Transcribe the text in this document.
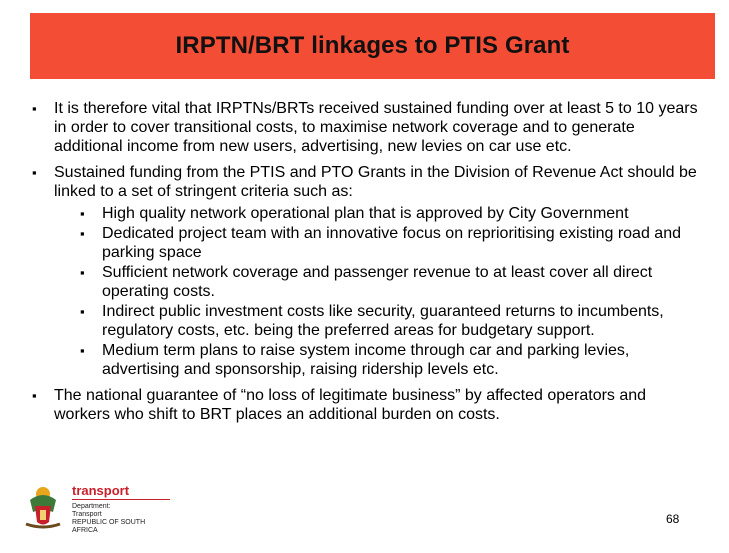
IRPTN/BRT linkages to PTIS Grant
▪ It is therefore vital that IRPTNs/BRTs received sustained funding over at least 5 to 10 years in order to cover transitional costs, to maximise network coverage and to generate additional income from new users, advertising, new levies on car use etc.
▪ Sustained funding from the PTIS and PTO Grants in the Division of Revenue Act should be linked to a set of stringent criteria such as:
▪ High quality network operational plan that is approved by City Government
▪ Dedicated project team with an innovative focus on reprioritising existing road and parking space
▪ Sufficient network coverage and passenger revenue to at least cover all direct operating costs.
▪ Indirect public investment costs like security, guaranteed returns to incumbents, regulatory costs, etc. being the preferred areas for budgetary support.
▪ Medium term plans to raise system income through car and parking levies, advertising and sponsorship, raising ridership levels etc.
▪ The national guarantee of “no loss of legitimate business” by affected operators and workers who shift to BRT places an additional burden on costs.
transport
Department:
Transport
REPUBLIC OF SOUTH AFRICA
68
